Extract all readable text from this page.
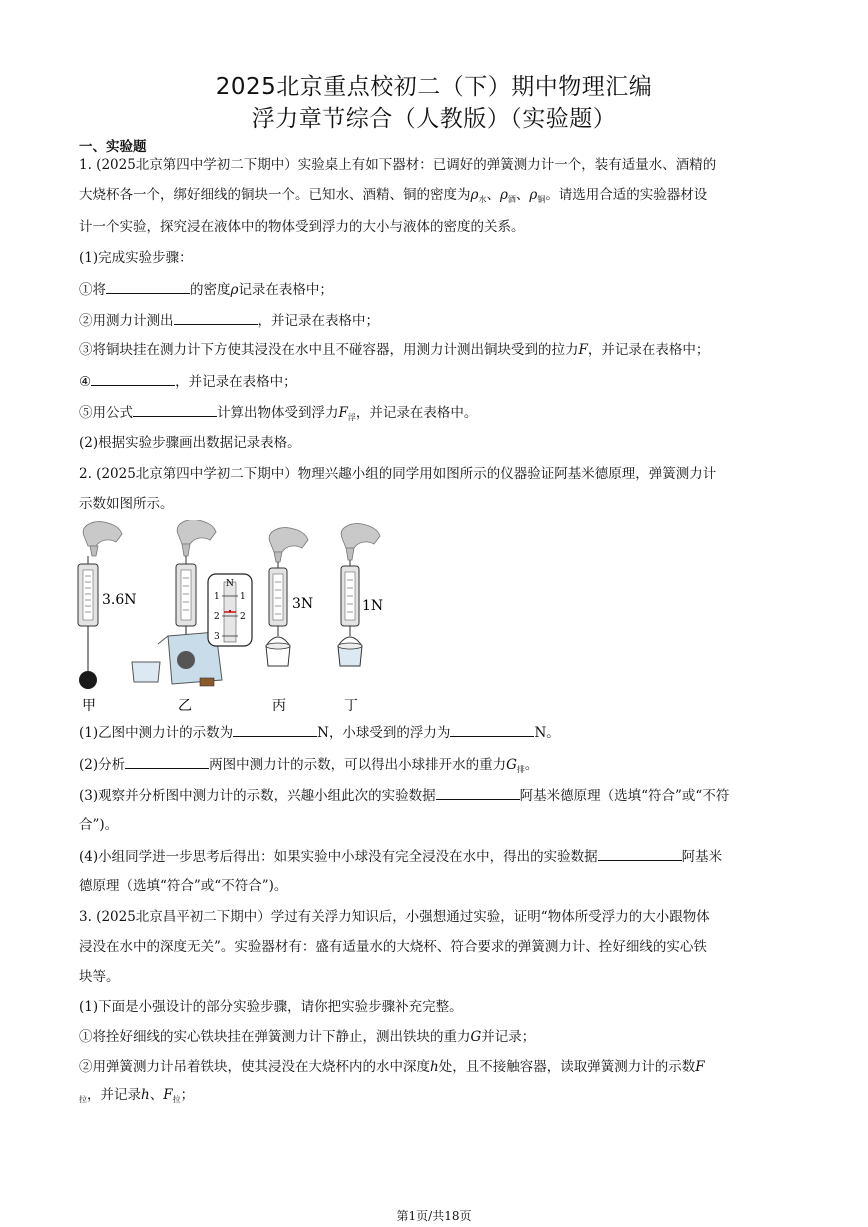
2025北京重点校初二（下）期中物理汇编
浮力章节综合（人教版）（实验题）
一、实验题
1. (2025北京第四中学初二下期中）实验桌上有如下器材：已调好的弹簧测力计一个，装有适量水、酒精的
大烧杯各一个，绑好细线的铜块一个。已知水、酒精、铜的密度为$\rho_水$、$\rho_酒$、$\rho_铜$。请选用合适的实验器材设
计一个实验，探究浸在液体中的物体受到浮力的大小与液体的密度的关系。
(1)完成实验步骤：
①将	的密度ρ记录在表格中；
②用测力计测出	，并记录在表格中；
③将铜块挂在测力计下方使其浸没在水中且不碰容器，用测力计测出铜块受到的拉力F，并记录在表格中；
④	，并记录在表格中；
⑤用公式	计算出物体受到浮力$F_浮$，并记录在表格中。
(2)根据实验步骤画出数据记录表格。
2. (2025北京第四中学初二下期中）物理兴趣小组的同学用如图所示的仪器验证阿基米德原理，弹簧测力计
示数如图所示。
3.6N
甲
N
1 1
2 2
3
乙
3N
丙
1N
丁
(1)乙图中测力计的示数为	N，小球受到的浮力为	N。
(2)分析	两图中测力计的示数，可以得出小球排开水的重力$G_排$。
(3)观察并分析图中测力计的示数，兴趣小组此次的实验数据	阿基米德原理（选填“符合”或“不符
合”)。
(4)小组同学进一步思考后得出：如果实验中小球没有完全浸没在水中，得出的实验数据	阿基米
德原理（选填“符合”或“不符合”)。
3. (2025北京昌平初二下期中）学过有关浮力知识后，小强想通过实验，证明“物体所受浮力的大小跟物体
浸没在水中的深度无关”。实验器材有：盛有适量水的大烧杯、符合要求的弹簧测力计、拴好细线的实心铁
块等。
(1)下面是小强设计的部分实验步骤，请你把实验步骤补充完整。
①将拴好细线的实心铁块挂在弹簧测力计下静止，测出铁块的重力G并记录；
②用弹簧测力计吊着铁块，使其浸没在大烧杯内的水中深度h处，且不接触容器，读取弹簧测力计的示数F
$_拉$，并记录h、$F_拉$；
第1页/共18页
